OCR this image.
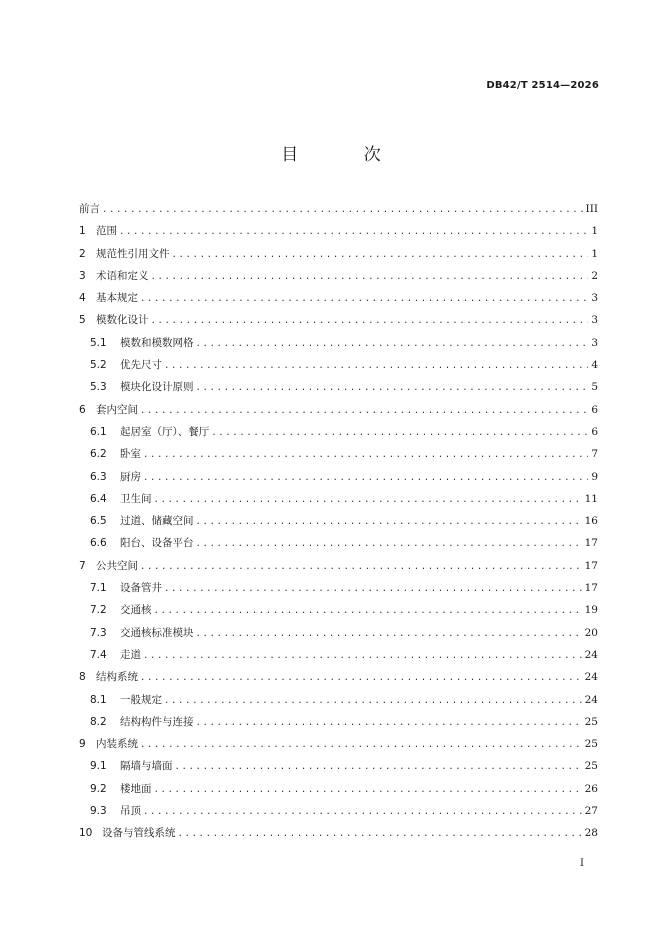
DB42/T 2514—2026
目 次
前言 .....	III
1 范围 .....	1
2 规范性引用文件 .....	1
3 术语和定义 .....	2
4 基本规定 .....	3
5 模数化设计 .....	3
5.1	模数和模数网格 .....	3
5.2	优先尺寸 .....	4
5.3	模块化设计原则 .....	5
6 套内空间 .....	6
6.1	起居室（厅）、餐厅 .....	6
6.2	卧室 .....	7
6.3	厨房 .....	9
6.4	卫生间 .....	11
6.5	过道、储藏空间 .....	16
6.6	阳台、设备平台 .....	17
7 公共空间 .....	17
7.1	设备管井 .....	17
7.2	交通核 .....	19
7.3	交通核标准模块 .....	20
7.4	走道 .....	24
8 结构系统 .....	24
8.1	一般规定 .....	24
8.2	结构构件与连接 .....	25
9 内装系统 .....	25
9.1	隔墙与墙面 .....	25
9.2	楼地面 .....	26
9.3	吊顶 .....	27
10 设备与管线系统 .....	28
I
